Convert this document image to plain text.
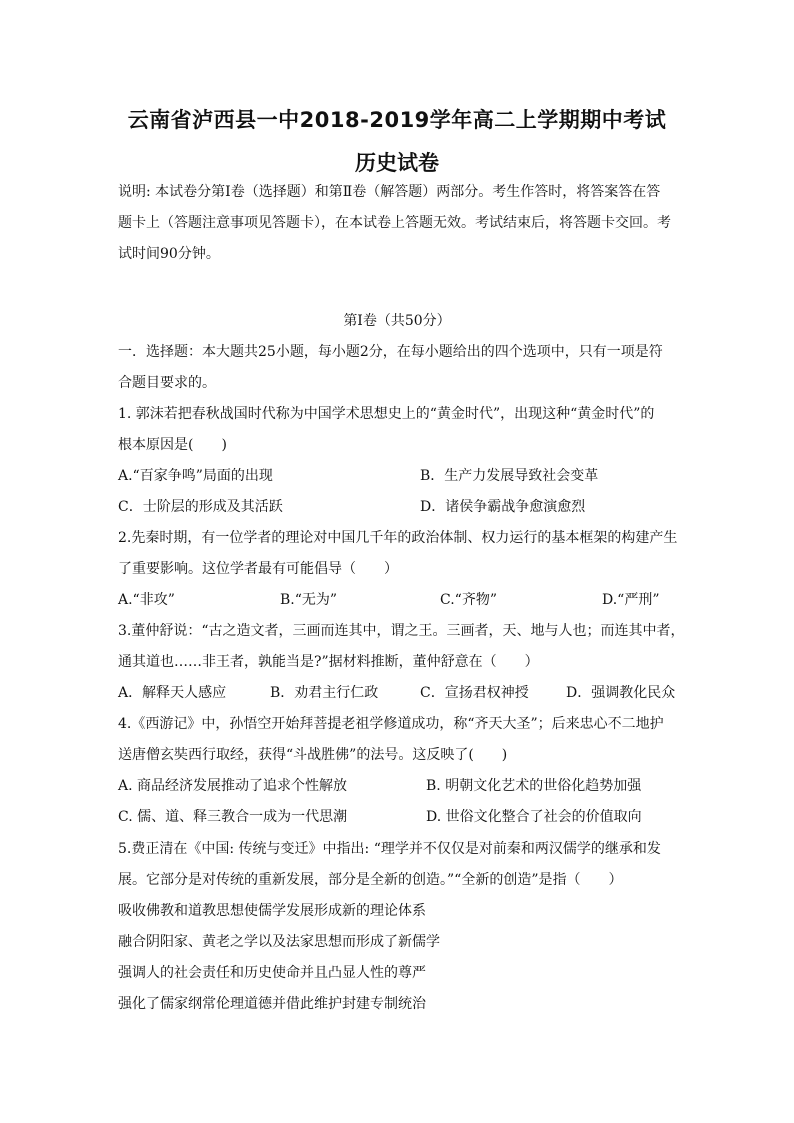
云南省泸西县一中2018-2019学年高二上学期期中考试
历史试卷
说明: 本试卷分第Ⅰ卷（选择题）和第Ⅱ卷（解答题）两部分。考生作答时，将答案答在答
题卡上（答题注意事项见答题卡），在本试卷上答题无效。考试结束后，将答题卡交回。考
试时间90分钟。
第Ⅰ卷（共50分）
一．选择题：本大题共25小题，每小题2分，在每小题给出的四个选项中，只有一项是符
合题目要求的。
1. 郭沫若把春秋战国时代称为中国学术思想史上的“黄金时代”，出现这种“黄金时代”的
根本原因是(　　)
A.“百家争鸣”局面的出现	B．生产力发展导致社会变革
C．士阶层的形成及其活跃	D．诸侯争霸战争愈演愈烈
2.先秦时期，有一位学者的理论对中国几千年的政治体制、权力运行的基本框架的构建产生
了重要影响。这位学者最有可能倡导（　　）
A.“非攻”	B.“无为”	C.“齐物”	D.“严刑”
3.董仲舒说：“古之造文者，三画而连其中，谓之王。三画者，天、地与人也；而连其中者，
通其道也……非王者，孰能当是?”据材料推断，董仲舒意在（　　）
A．解释天人感应	B．劝君主行仁政	C．宣扬君权神授	D．强调教化民众
4.《西游记》中，孙悟空开始拜菩提老祖学修道成功，称“齐天大圣”；后来忠心不二地护
送唐僧玄奘西行取经，获得“斗战胜佛”的法号。这反映了(　　)
A. 商品经济发展推动了追求个性解放	B. 明朝文化艺术的世俗化趋势加强
C. 儒、道、释三教合一成为一代思潮	D. 世俗文化整合了社会的价值取向
5.费正清在《中国: 传统与变迁》中指出: “理学并不仅仅是对前秦和两汉儒学的继承和发
展。它部分是对传统的重新发展，部分是全新的创造。”“全新的创造”是指（　　）
吸收佛教和道教思想使儒学发展形成新的理论体系
融合阴阳家、黄老之学以及法家思想而形成了新儒学
强调人的社会责任和历史使命并且凸显人性的尊严
强化了儒家纲常伦理道德并借此维护封建专制统治
